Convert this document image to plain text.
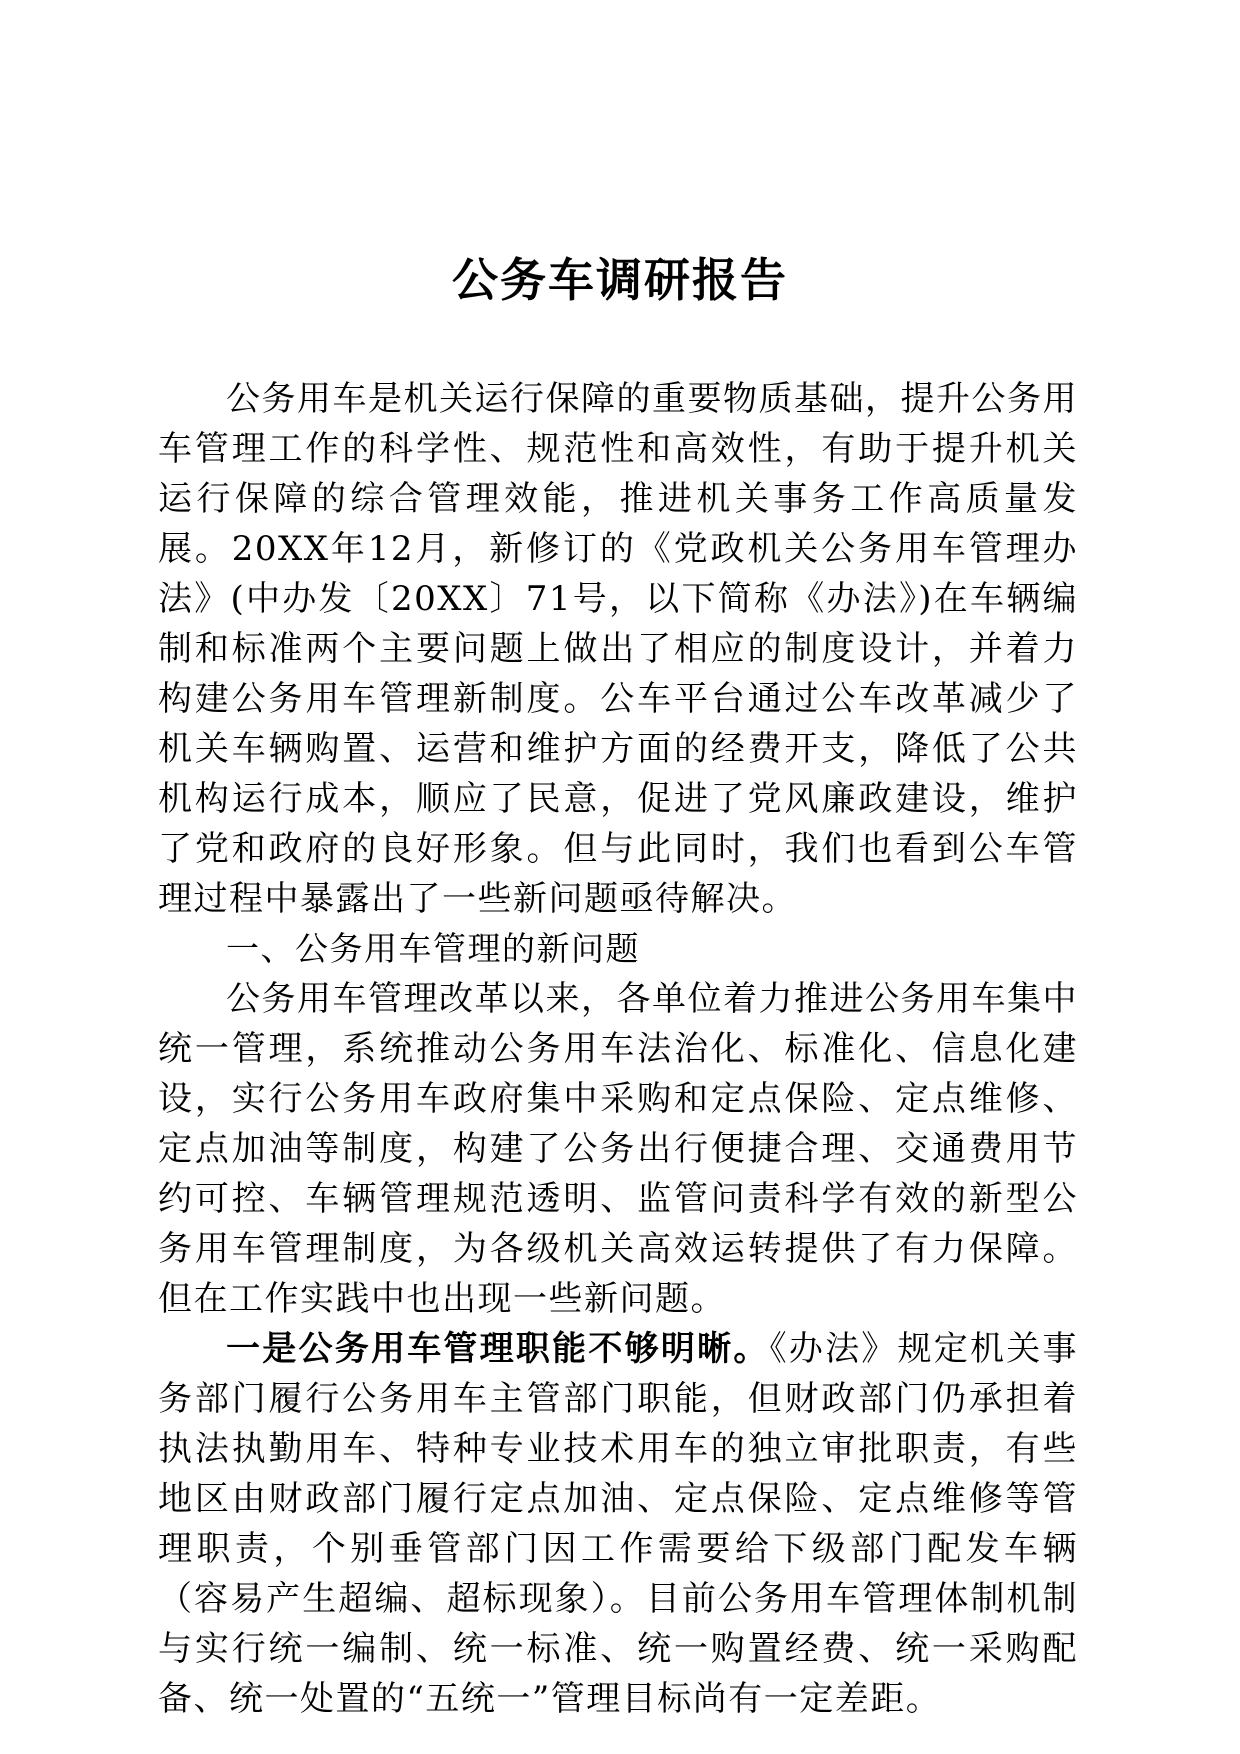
公务车调研报告

公务用车是机关运行保障的重要物质基础，提升公务用车管理工作的科学性、规范性和高效性，有助于提升机关运行保障的综合管理效能，推进机关事务工作高质量发展。20XX年12月，新修订的《党政机关公务用车管理办法》(中办发〔20XX〕71号，以下简称《办法》)在车辆编制和标准两个主要问题上做出了相应的制度设计，并着力构建公务用车管理新制度。公车平台通过公车改革减少了机关车辆购置、运营和维护方面的经费开支，降低了公共机构运行成本，顺应了民意，促进了党风廉政建设，维护了党和政府的良好形象。但与此同时，我们也看到公车管理过程中暴露出了一些新问题亟待解决。

一、公务用车管理的新问题

公务用车管理改革以来，各单位着力推进公务用车集中统一管理，系统推动公务用车法治化、标准化、信息化建设，实行公务用车政府集中采购和定点保险、定点维修、定点加油等制度，构建了公务出行便捷合理、交通费用节约可控、车辆管理规范透明、监管问责科学有效的新型公务用车管理制度，为各级机关高效运转提供了有力保障。但在工作实践中也出现一些新问题。

一是公务用车管理职能不够明晰。《办法》规定机关事务部门履行公务用车主管部门职能，但财政部门仍承担着执法执勤用车、特种专业技术用车的独立审批职责，有些地区由财政部门履行定点加油、定点保险、定点维修等管理职责，个别垂管部门因工作需要给下级部门配发车辆（容易产生超编、超标现象）。目前公务用车管理体制机制与实行统一编制、统一标准、统一购置经费、统一采购配备、统一处置的“五统一”管理目标尚有一定差距。
